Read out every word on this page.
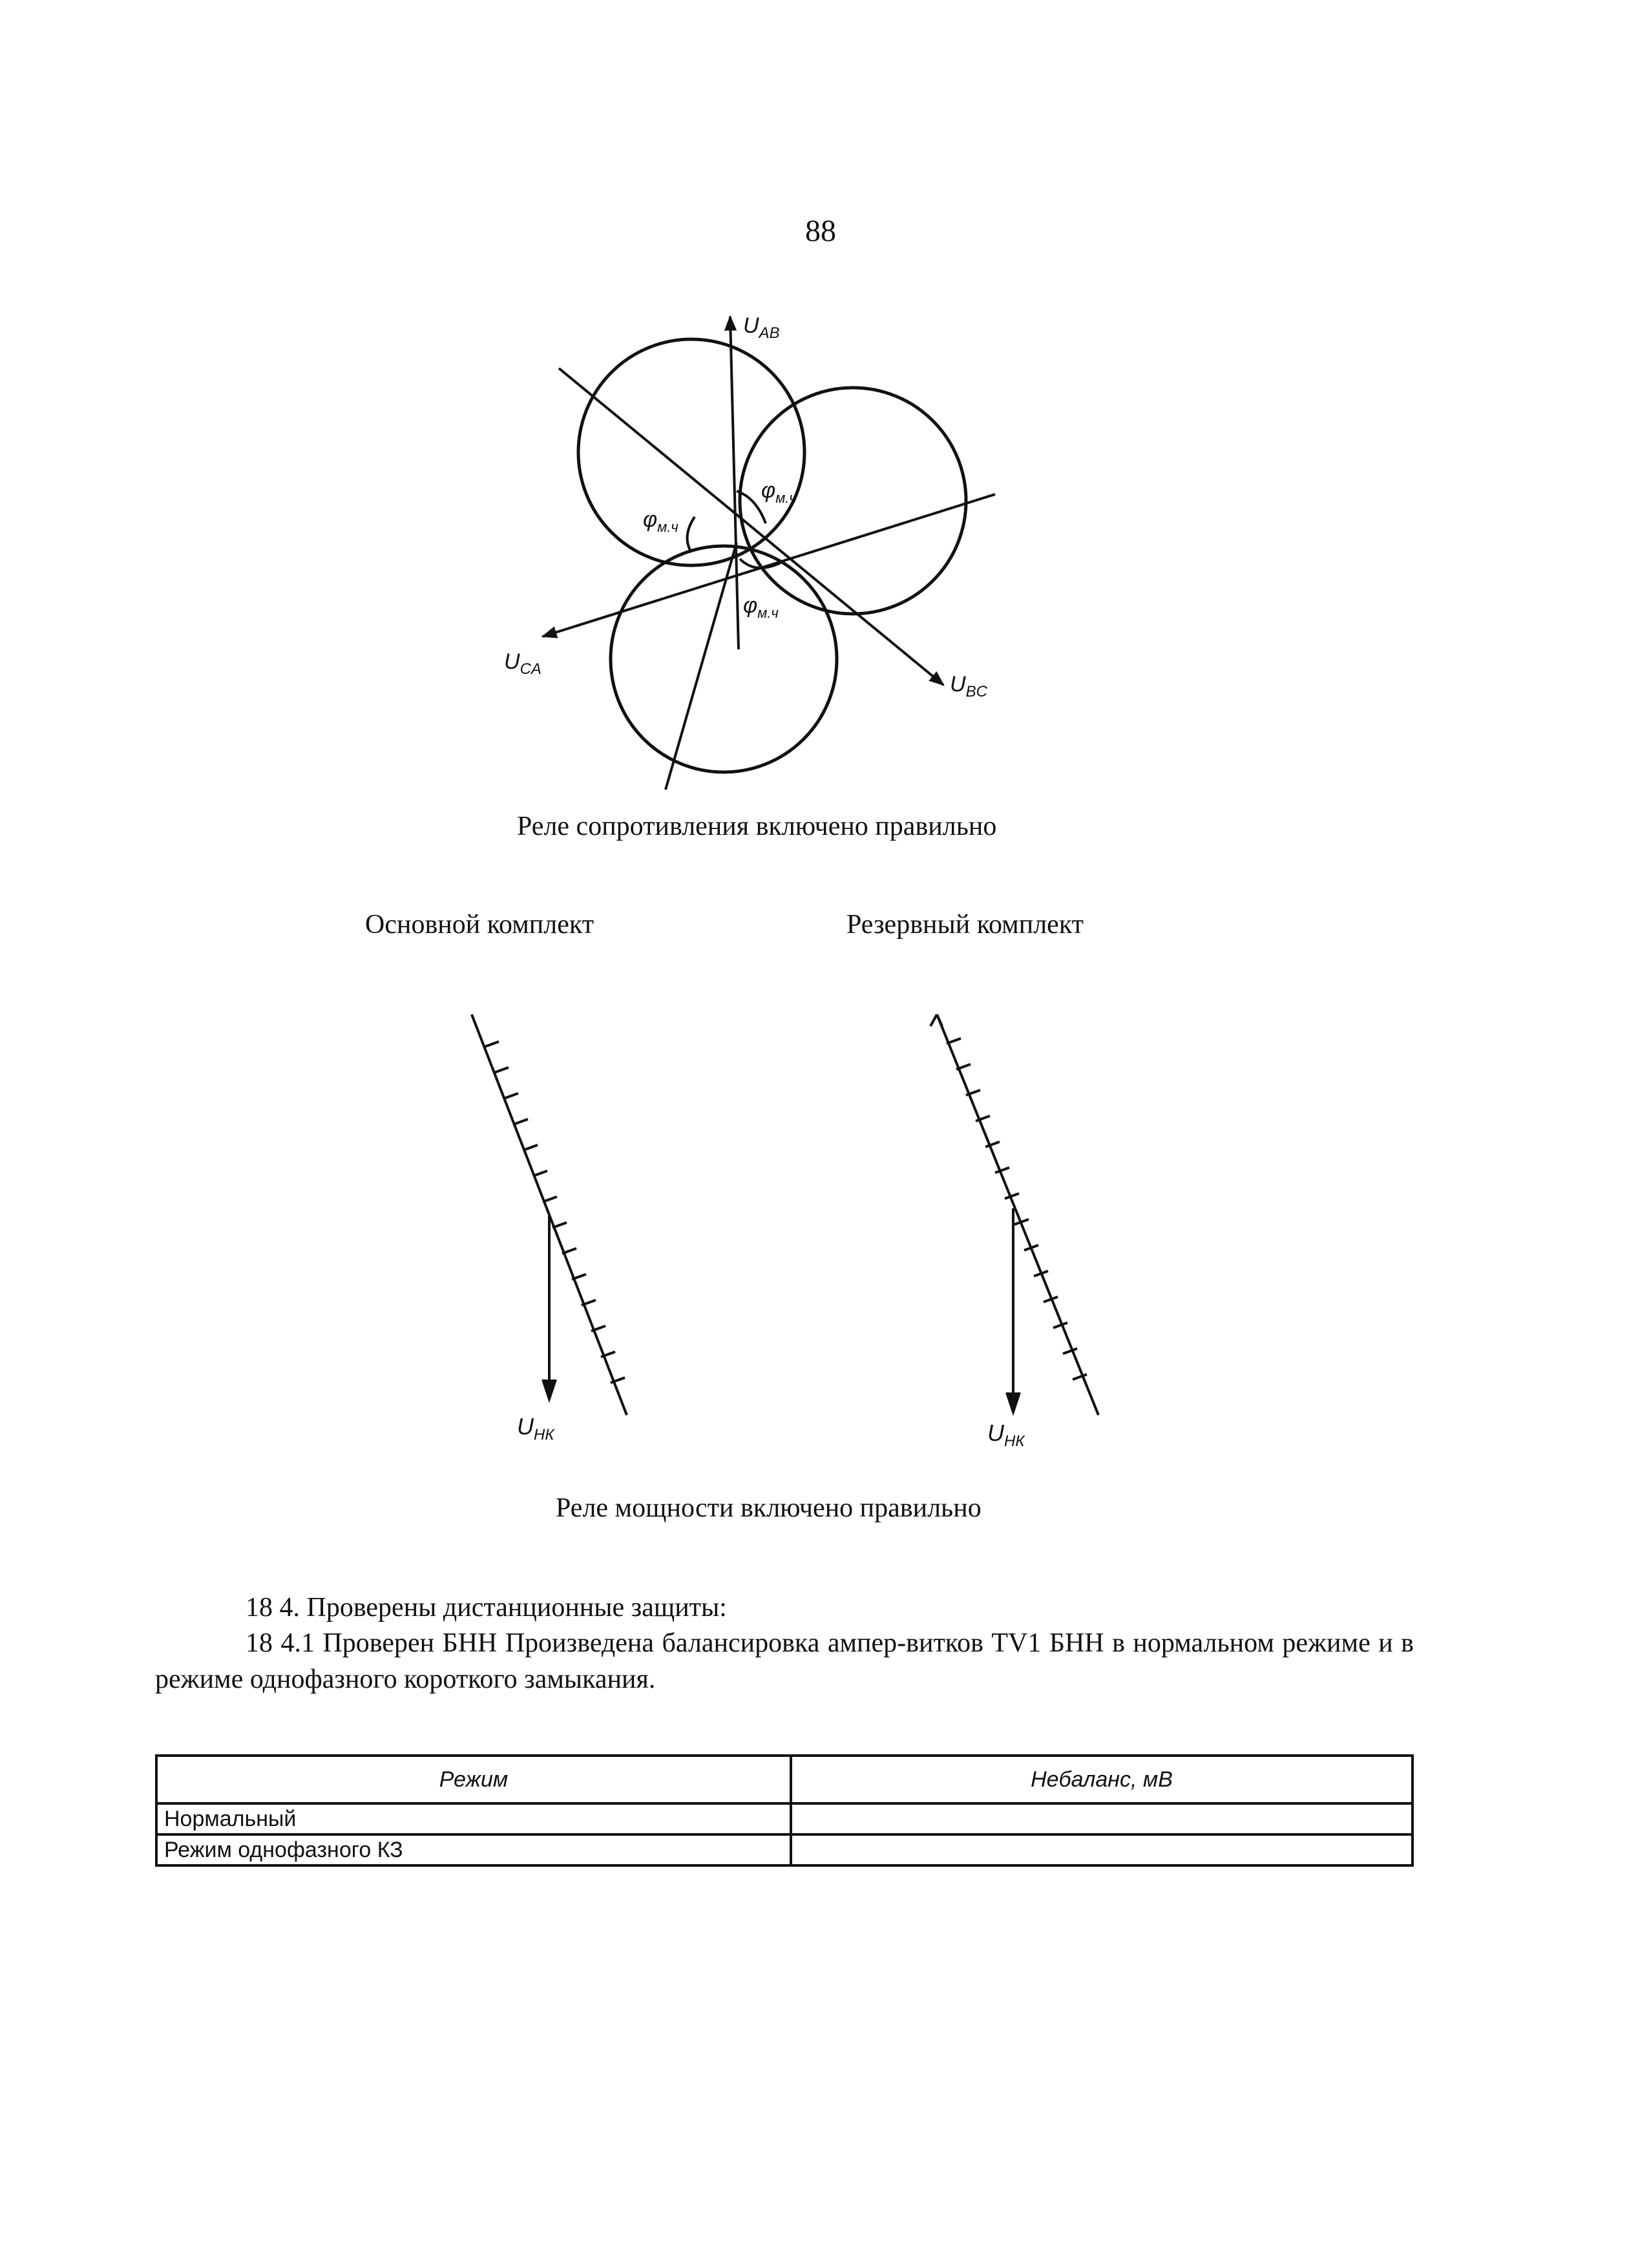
88
$U_{AB}$
$U_{BC}$
$U_{CA}$
$\varphi_{м.ч}$
$\varphi_{м.ч}$
$\varphi_{м.ч}$
Реле сопротивления включено правильно
Основной комплект	Резервный комплект
$U_{НК}$	$U_{НК}$
Реле мощности включено правильно
18 4. Проверены дистанционные защиты:
18 4.1 Проверен БНН Произведена балансировка ампер-витков TV1 БНН в нормальном режиме и в режиме однофазного короткого замыкания.
Режим	Небаланс, мВ
Нормальный	
Режим однофазного КЗ	
